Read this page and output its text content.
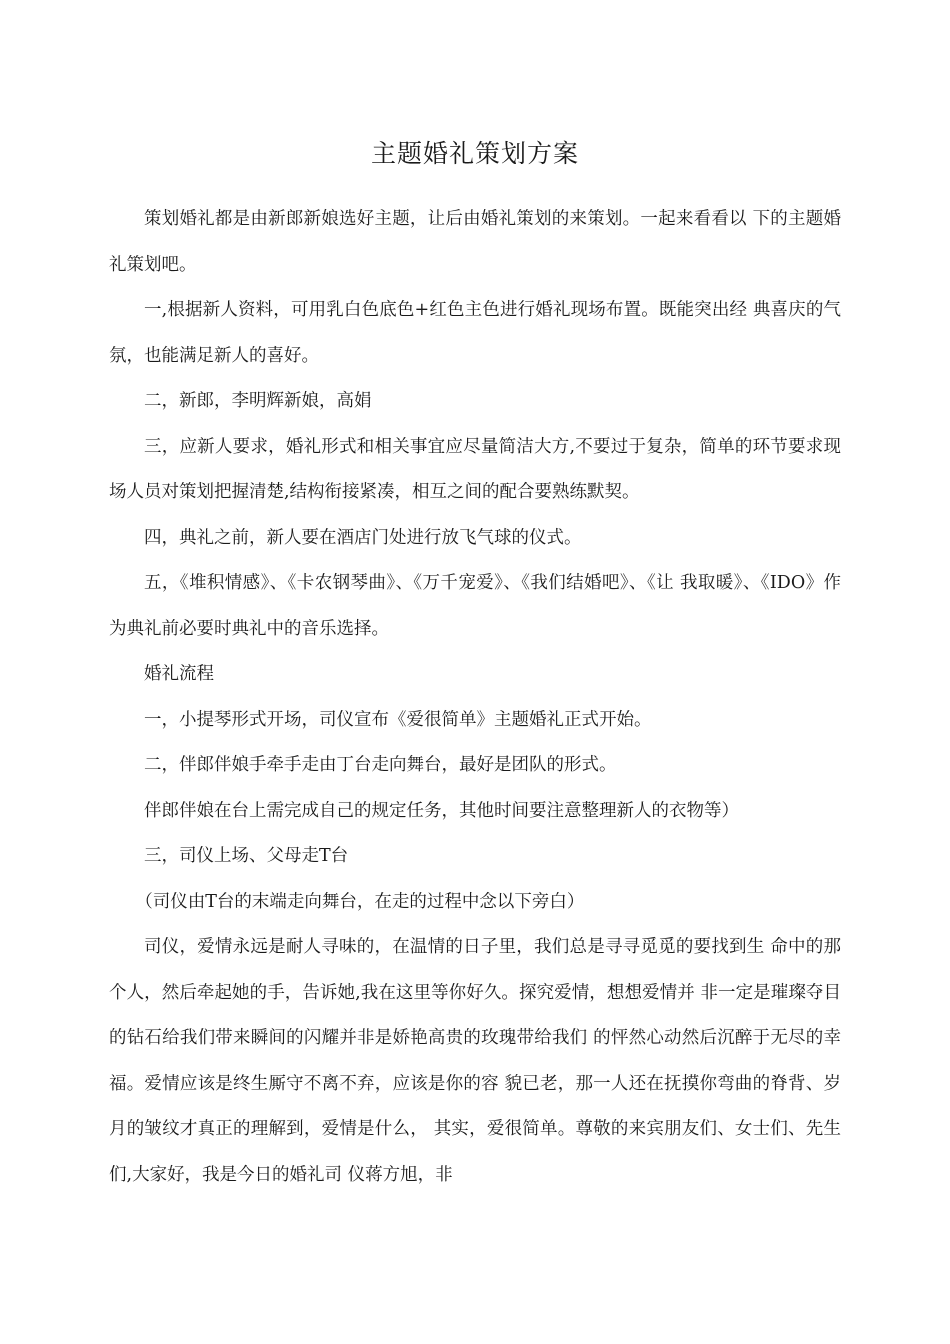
主题婚礼策划方案

策划婚礼都是由新郎新娘选好主题，让后由婚礼策划的来策划。一起来看看以 下的主题婚礼策划吧。

一,根据新人资料，可用乳白色底色+红色主色进行婚礼现场布置。既能突出经 典喜庆的气氛，也能满足新人的喜好。

二，新郎，李明辉新娘，高娟

三，应新人要求，婚礼形式和相关事宜应尽量简洁大方,不要过于复杂，简单的环节要求现场人员对策划把握清楚,结构衔接紧凑，相互之间的配合要熟练默契。

四，典礼之前，新人要在酒店门处进行放飞气球的仪式。

五，《堆积情感》、《卡农钢琴曲》、《万千宠爱》、《我们结婚吧》、《让 我取暖》、《IDO》作为典礼前必要时典礼中的音乐选择。

婚礼流程

一，小提琴形式开场，司仪宣布《爱很简单》主题婚礼正式开始。

二，伴郎伴娘手牵手走由丁台走向舞台，最好是团队的形式。

伴郎伴娘在台上需完成自己的规定任务，其他时间要注意整理新人的衣物等）

三，司仪上场、父母走T台

（司仪由T台的末端走向舞台，在走的过程中念以下旁白）

司仪，爱情永远是耐人寻味的，在温情的日子里，我们总是寻寻觅觅的要找到生 命中的那个人，然后牵起她的手，告诉她,我在这里等你好久。探究爱情，想想爱情并 非一定是璀璨夺目的钻石给我们带来瞬间的闪耀并非是娇艳高贵的玫瑰带给我们 的怦然心动然后沉醉于无尽的幸福。爱情应该是终生厮守不离不弃，应该是你的容 貌已老，那一人还在抚摸你弯曲的脊背、岁月的皱纹才真正的理解到，爱情是什么， 其实，爱很简单。尊敬的来宾朋友们、女士们、先生们,大家好，我是今日的婚礼司 仪蒋方旭，非
